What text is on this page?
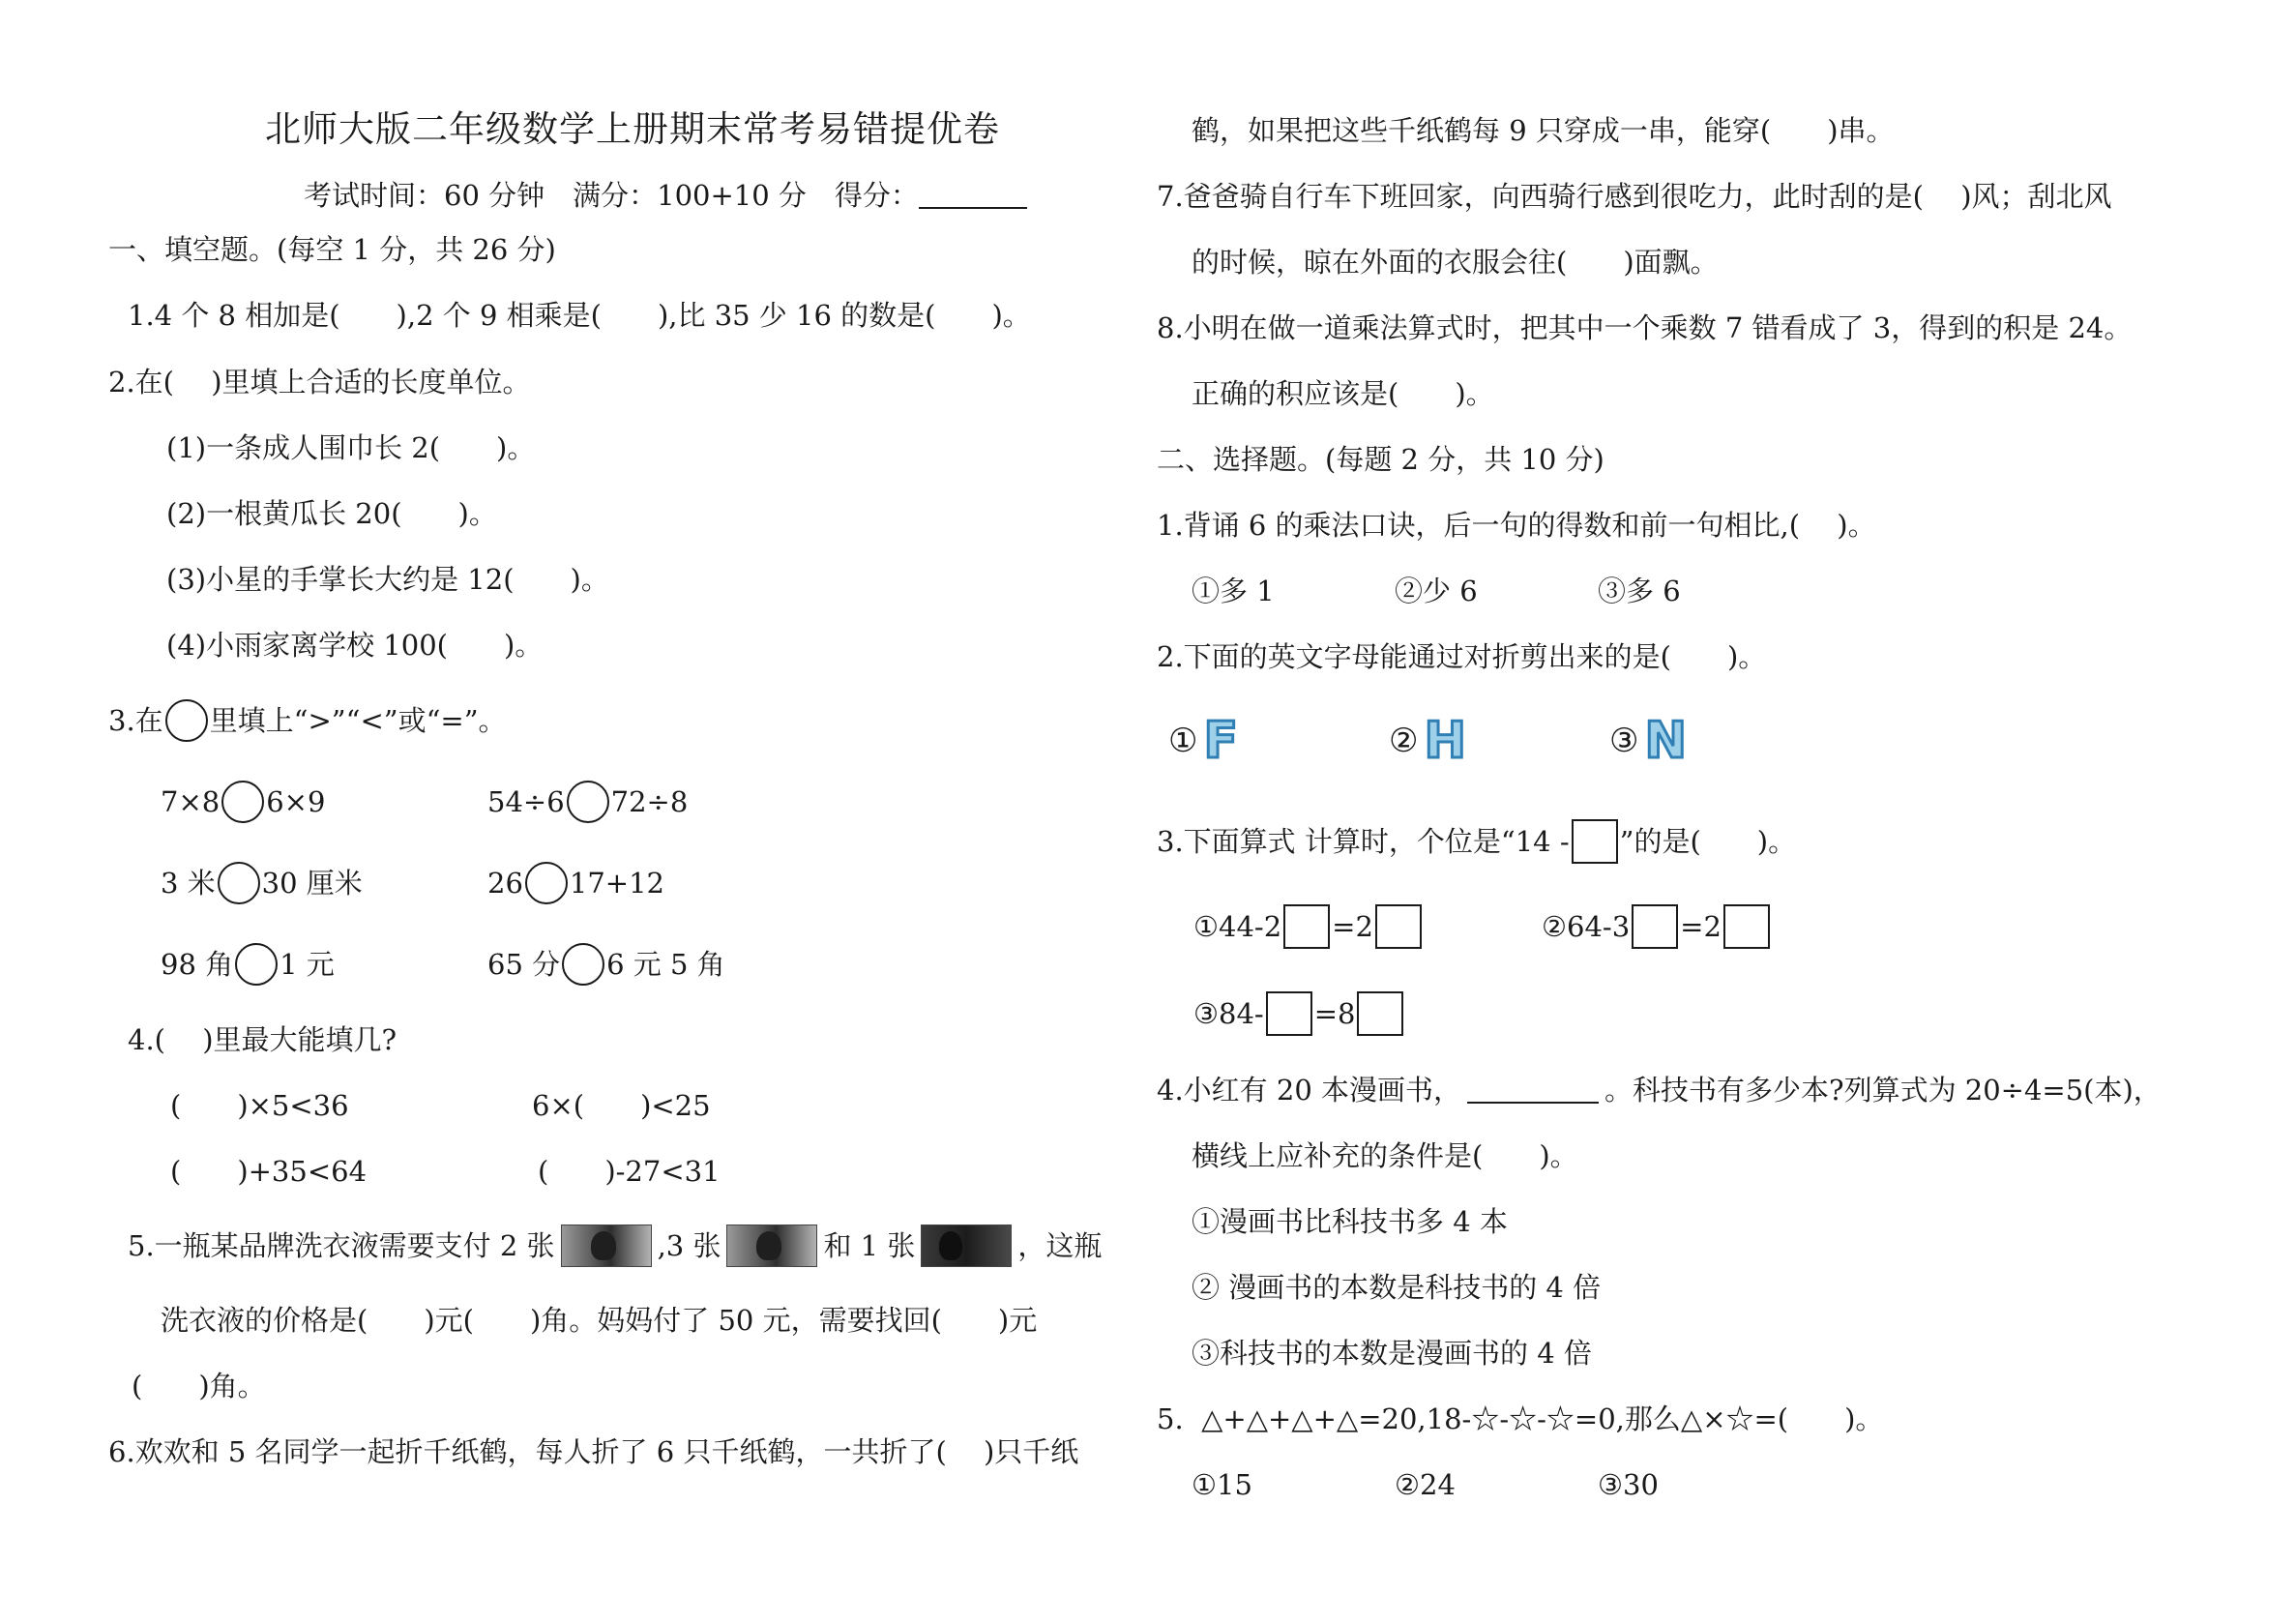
北师大版二年级数学上册期末常考易错提优卷
考试时间：60 分钟　满分：100+10 分　得分：
一、填空题。(每空 1 分，共 26 分)
1.4 个 8 相加是(　　),2 个 9 相乘是(　　),比 35 少 16 的数是(　　)。
2.在(　 )里填上合适的长度单位。
(1)一条成人围巾长 2(　　)。
(2)一根黄瓜长 20(　　)。
(3)小星的手掌长大约是 12(　　)。
(4)小雨家离学校 100(　　)。
3.在 里填上“>”“<”或“=”。
7×8 6×9	54÷6 72÷8
3 米 30 厘米	26 17+12
98 角 1 元	65 分 6 元 5 角
4.(　 )里最大能填几?
(　　)×5<36	6×(　　)<25
(　　)+35<64	(　　)-27<31
5.一瓶某品牌洗衣液需要支付 2 张	,3 张	和 1 张	，这瓶
洗衣液的价格是(　　)元(　　)角。妈妈付了 50 元，需要找回(　　)元
(　　)角。
6.欢欢和 5 名同学一起折千纸鹤，每人折了 6 只千纸鹤，一共折了(　 )只千纸
鹤，如果把这些千纸鹤每 9 只穿成一串，能穿(　　)串。
7.爸爸骑自行车下班回家，向西骑行感到很吃力，此时刮的是(　 )风；刮北风
的时候，晾在外面的衣服会往(　　)面飘。
8.小明在做一道乘法算式时，把其中一个乘数 7 错看成了 3，得到的积是 24。
正确的积应该是(　　)。
二、选择题。(每题 2 分，共 10 分)
1.背诵 6 的乘法口诀，后一句的得数和前一句相比,(　 )。
①多 1	②少 6	③多 6
2.下面的英文字母能通过对折剪出来的是(　　)。
① F	② H	③ N
3.下面算式 计算时，个位是“14 - ”的是(　　)。
①44-2 =2	②64-3 =2
③84- =8
4.小红有 20 本漫画书，	。科技书有多少本?列算式为 20÷4=5(本)，
横线上应补充的条件是(　　)。
①漫画书比科技书多 4 本
② 漫画书的本数是科技书的 4 倍
③科技书的本数是漫画书的 4 倍
5.  △+△+△+△=20,18-☆-☆-☆=0,那么△×☆=(　　)。
①15	②24	③30
